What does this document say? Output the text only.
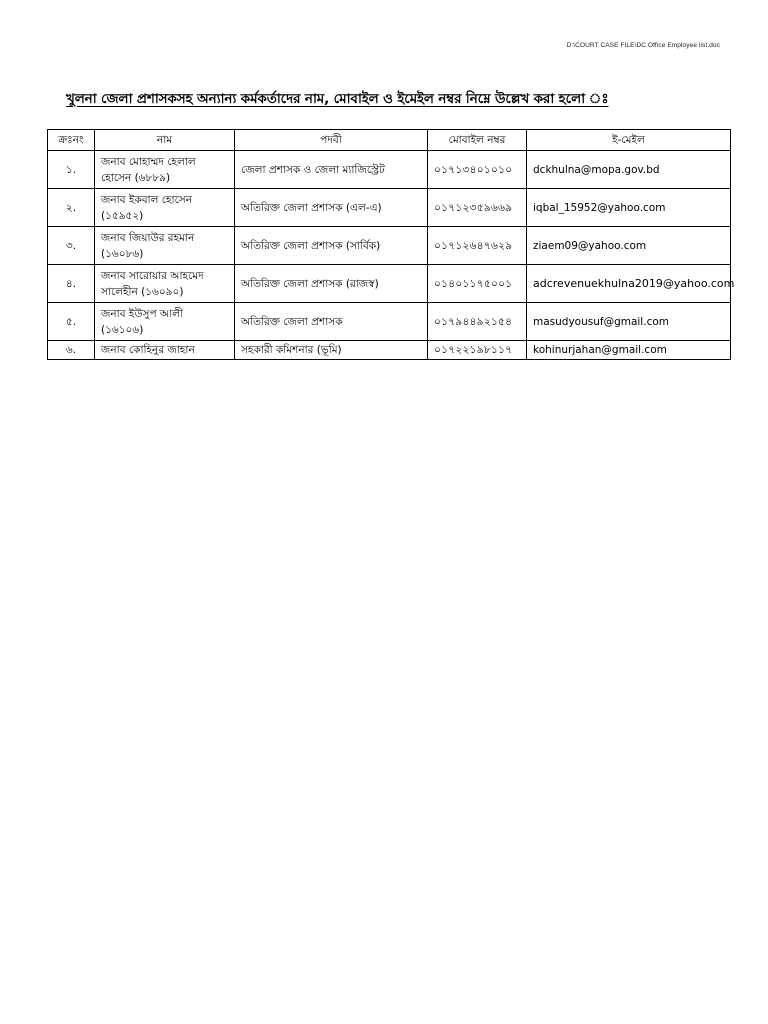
D:\COURT CASE FILE\DC Office Employee list.doc
খুলনা জেলা প্রশাসকসহ অন্যান্য কর্মকর্তাদের নাম, মোবাইল ও ইমেইল নম্বর নিম্নে উল্লেখ করা হলো ঃ
ক্রঃনং	নাম	পদবী	মোবাইল নম্বর	ই-মেইল
১.	জনাব মোহাম্মদ হেলাল হোসেন (৬৮৮৯)	জেলা প্রশাসক ও জেলা ম্যাজিস্ট্রেট	০১৭১৩৪০১০১০	dckhulna@mopa.gov.bd
২.	জনাব ইকবাল হোসেন (১৫৯৫২)	অতিরিক্ত জেলা প্রশাসক (এল-এ)	০১৭১২৩৫৯৬৬৯	iqbal_15952@yahoo.com
৩.	জনাব জিয়াউর রহমান (১৬০৮৬)	অতিরিক্ত জেলা প্রশাসক (সার্বিক)	০১৭১২৬৪৭৬২৯	ziaem09@yahoo.com
৪.	জনাব সারোয়ার আহমেদ সালেহীন (১৬০৯০)	অতিরিক্ত জেলা প্রশাসক (রাজস্ব)	০১৪০১১৭৫০০১	adcrevenuekhulna2019@yahoo.com
৫.	জনাব ইউসুপ আলী (১৬১০৬)	অতিরিক্ত জেলা প্রশাসক	০১৭৯৪৪৯২১৫৪	masudyousuf@gmail.com
৬.	জনাব কোহিনুর জাহান	সহকারী কমিশনার (ভূমি)	০১৭২২১৯৮১১৭	kohinurjahan@gmail.com
